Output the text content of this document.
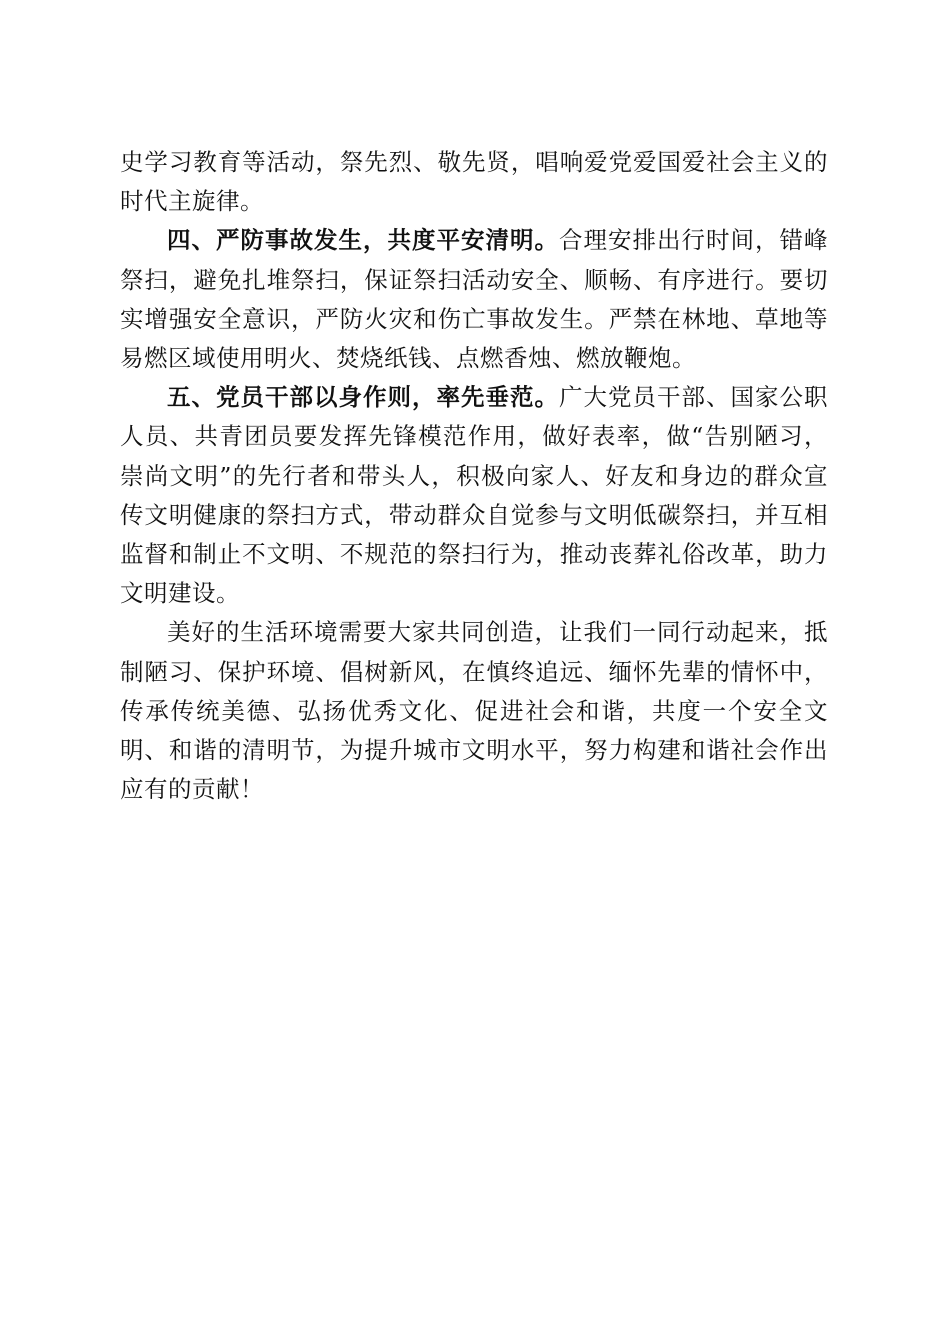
史学习教育等活动，祭先烈、敬先贤，唱响爱党爱国爱社会主义的时代主旋律。

四、严防事故发生，共度平安清明。合理安排出行时间，错峰祭扫，避免扎堆祭扫，保证祭扫活动安全、顺畅、有序进行。要切实增强安全意识，严防火灾和伤亡事故发生。严禁在林地、草地等易燃区域使用明火、焚烧纸钱、点燃香烛、燃放鞭炮。

五、党员干部以身作则，率先垂范。广大党员干部、国家公职人员、共青团员要发挥先锋模范作用，做好表率，做“告别陋习，崇尚文明”的先行者和带头人，积极向家人、好友和身边的群众宣传文明健康的祭扫方式，带动群众自觉参与文明低碳祭扫，并互相监督和制止不文明、不规范的祭扫行为，推动丧葬礼俗改革，助力文明建设。

美好的生活环境需要大家共同创造，让我们一同行动起来，抵制陋习、保护环境、倡树新风，在慎终追远、缅怀先辈的情怀中，传承传统美德、弘扬优秀文化、促进社会和谐，共度一个安全文明、和谐的清明节，为提升城市文明水平，努力构建和谐社会作出应有的贡献！
